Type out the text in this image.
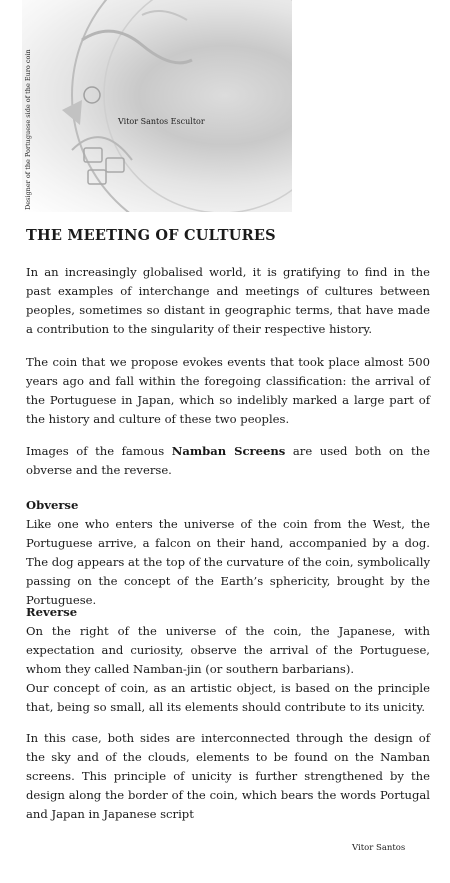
Designer of the Portuguese side of the Euro coin	Vitor Santos Escultor
THE MEETING OF CULTURES

In an increasingly globalised world, it is gratifying to find in the past examples of interchange and meetings of cultures between peoples, sometimes so distant in geographic terms, that have made a contribution to the singularity of their respective history.

The coin that we propose evokes events that took place almost 500 years ago and fall within the foregoing classification: the arrival of the Portuguese in Japan, which so indelibly marked a large part of the history and culture of these two peoples.

Images of the famous Namban Screens are used both on the obverse and the reverse.

Obverse
Like one who enters the universe of the coin from the West, the Portuguese arrive, a falcon on their hand, accompanied by a dog. The dog appears at the top of the curvature of the coin, symbolically passing on the concept of the Earth’s sphericity, brought by the Portuguese.

Reverse
On the right of the universe of the coin, the Japanese, with expectation and curiosity, observe the arrival of the Portuguese, whom they called Namban-jin (or southern barbarians).

Our concept of coin, as an artistic object, is based on the principle that, being so small, all its elements should contribute to its unicity.

In this case, both sides are interconnected through the design of the sky and of the clouds, elements to be found on the Namban screens. This principle of unicity is further strengthened by the design along the border of the coin, which bears the words Portugal and Japan in Japanese script

Vitor Santos
